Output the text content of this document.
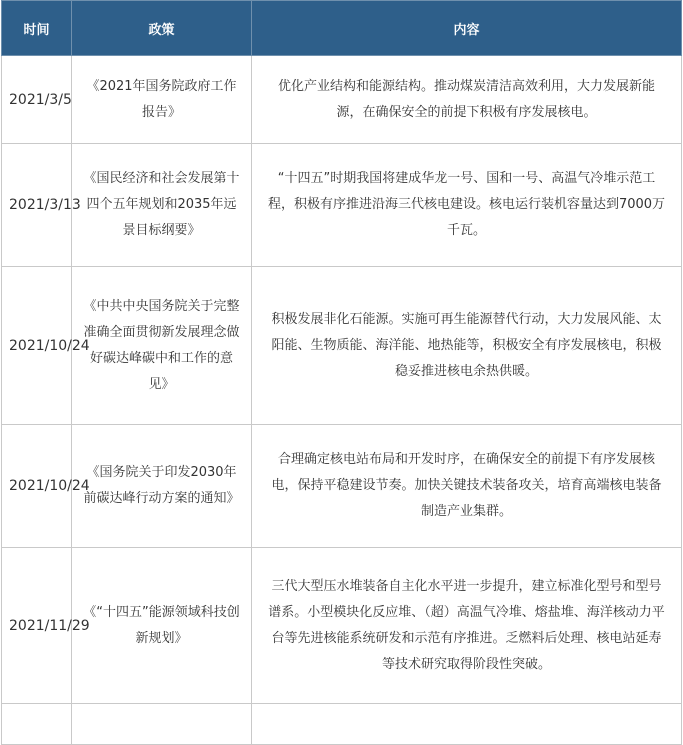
时间	政策	内容
2021/3/5	《2021年国务院政府工作报告》	优化产业结构和能源结构。推动煤炭清洁高效利用，大力发展新能源，在确保安全的前提下积极有序发展核电。
2021/3/13	《国民经济和社会发展第十四个五年规划和2035年远景目标纲要》	“十四五”时期我国将建成华龙一号、国和一号、高温气冷堆示范工程，积极有序推进沿海三代核电建设。核电运行装机容量达到7000万千瓦。
2021/10/24	《中共中央国务院关于完整准确全面贯彻新发展理念做好碳达峰碳中和工作的意见》	积极发展非化石能源。实施可再生能源替代行动，大力发展风能、太阳能、生物质能、海洋能、地热能等，积极安全有序发展核电，积极稳妥推进核电余热供暖。
2021/10/24	《国务院关于印发2030年前碳达峰行动方案的通知》	合理确定核电站布局和开发时序，在确保安全的前提下有序发展核电，保持平稳建设节奏。加快关键技术装备攻关，培育高端核电装备制造产业集群。
2021/11/29	《“十四五”能源领域科技创新规划》	三代大型压水堆装备自主化水平进一步提升，建立标准化型号和型号谱系。小型模块化反应堆、（超）高温气冷堆、熔盐堆、海洋核动力平台等先进核能系统研发和示范有序推进。乏燃料后处理、核电站延寿等技术研究取得阶段性突破。
